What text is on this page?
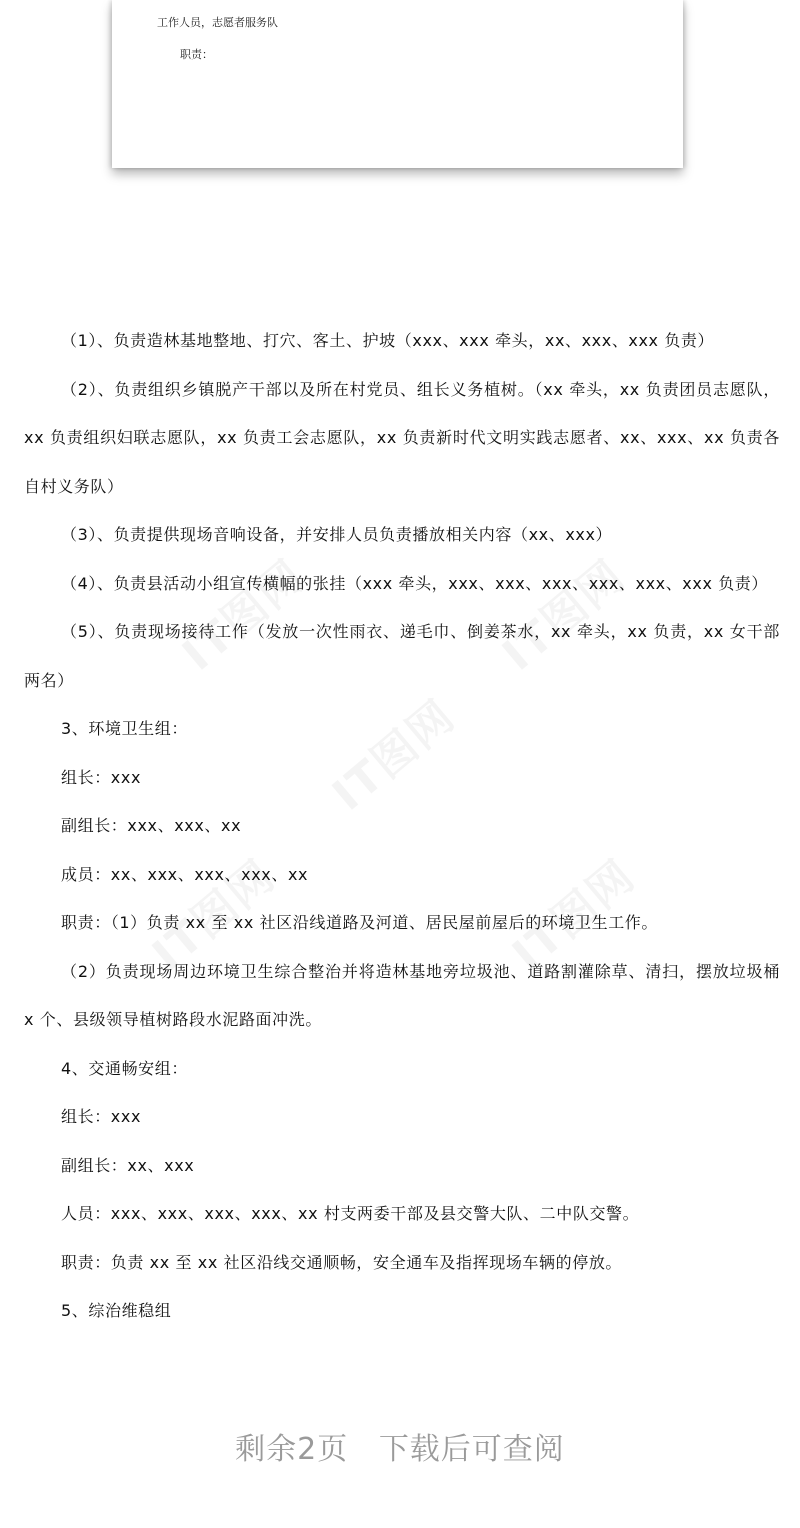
工作人员，志愿者服务队
职责：

（1）、负责造林基地整地、打穴、客土、护坡（xxx、xxx 牵头，xx、xxx、xxx 负责）

（2）、负责组织乡镇脱产干部以及所在村党员、组长义务植树。（xx 牵头，xx 负责团员志愿队，xx 负责组织妇联志愿队，xx 负责工会志愿队，xx 负责新时代文明实践志愿者、xx、xxx、xx 负责各自村义务队）

（3）、负责提供现场音响设备，并安排人员负责播放相关内容（xx、xxx）

（4）、负责县活动小组宣传横幅的张挂（xxx 牵头，xxx、xxx、xxx、xxx、xxx、xxx 负责）

（5）、负责现场接待工作（发放一次性雨衣、递毛巾、倒姜茶水，xx 牵头，xx 负责，xx 女干部两名）

3、环境卫生组：

组长：xxx

副组长：xxx、xxx、xx

成员：xx、xxx、xxx、xxx、xx

职责：（1）负责 xx 至 xx 社区沿线道路及河道、居民屋前屋后的环境卫生工作。

（2）负责现场周边环境卫生综合整治并将造林基地旁垃圾池、道路割灌除草、清扫，摆放垃圾桶 x 个、县级领导植树路段水泥路面冲洗。

4、交通畅安组：

组长：xxx

副组长：xx、xxx

人员：xxx、xxx、xxx、xxx、xx 村支两委干部及县交警大队、二中队交警。

职责：负责 xx 至 xx 社区沿线交通顺畅，安全通车及指挥现场车辆的停放。

5、综治维稳组

剩余2页 下载后可查阅
